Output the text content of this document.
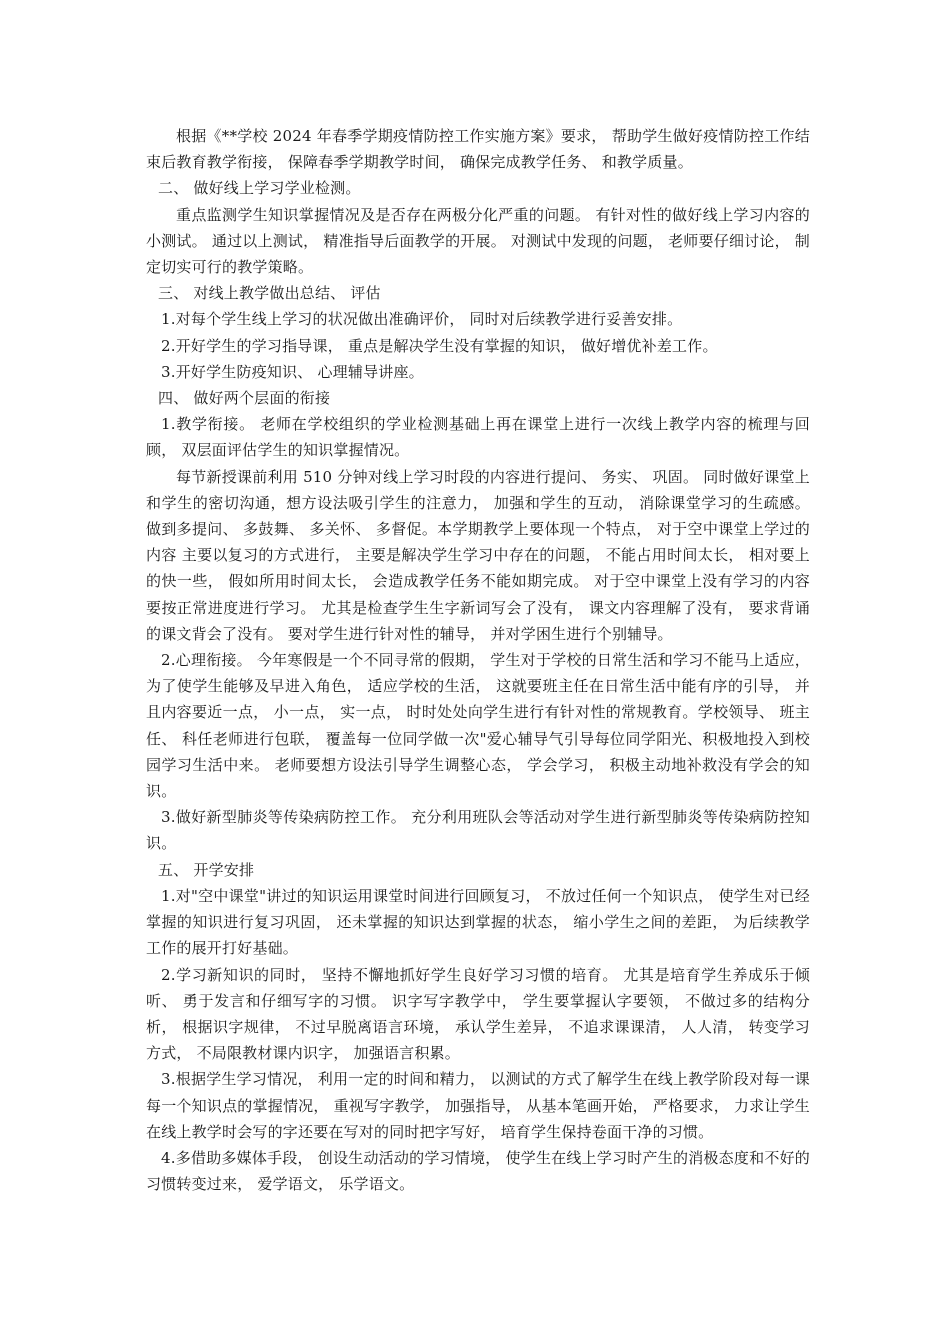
根据《**学校 2024 年春季学期疫情防控工作实施方案》要求， 帮助学生做好疫情防控工作结束后教育教学衔接， 保障春季学期教学时间， 确保完成教学任务、 和教学质量。

二、 做好线上学习学业检测。

重点监测学生知识掌握情况及是否存在两极分化严重的问题。 有针对性的做好线上学习内容的小测试。 通过以上测试， 精准指导后面教学的开展。 对测试中发现的问题， 老师要仔细讨论， 制定切实可行的教学策略。

三、 对线上教学做出总结、 评估

1.对每个学生线上学习的状况做出准确评价， 同时对后续教学进行妥善安排。

2.开好学生的学习指导课， 重点是解决学生没有掌握的知识， 做好增优补差工作。

3.开好学生防疫知识、 心理辅导讲座。

四、 做好两个层面的衔接

1.教学衔接。 老师在学校组织的学业检测基础上再在课堂上进行一次线上教学内容的梳理与回顾， 双层面评估学生的知识掌握情况。

每节新授课前利用 510 分钟对线上学习时段的内容进行提问、 务实、 巩固。 同时做好课堂上和学生的密切沟通，想方设法吸引学生的注意力， 加强和学生的互动， 消除课堂学习的生疏感。 做到多提问、 多鼓舞、 多关怀、 多督促。本学期教学上要体现一个特点， 对于空中课堂上学过的内容 主要以复习的方式进行， 主要是解决学生学习中存在的问题， 不能占用时间太长， 相对要上的快一些， 假如所用时间太长， 会造成教学任务不能如期完成。 对于空中课堂上没有学习的内容要按正常进度进行学习。 尤其是检查学生生字新词写会了没有， 课文内容理解了没有， 要求背诵的课文背会了没有。 要对学生进行针对性的辅导， 并对学困生进行个别辅导。

2.心理衔接。 今年寒假是一个不同寻常的假期， 学生对于学校的日常生活和学习不能马上适应， 为了使学生能够及早进入角色， 适应学校的生活， 这就要班主任在日常生活中能有序的引导， 并且内容要近一点， 小一点， 实一点， 时时处处向学生进行有针对性的常规教育。学校领导、 班主任、 科任老师进行包联， 覆盖每一位同学做一次"爱心辅导气引导每位同学阳光、积极地投入到校园学习生活中来。 老师要想方设法引导学生调整心态， 学会学习， 积极主动地补救没有学会的知识。

3.做好新型肺炎等传染病防控工作。 充分利用班队会等活动对学生进行新型肺炎等传染病防控知识。

五、 开学安排

1.对"空中课堂"讲过的知识运用课堂时间进行回顾复习， 不放过任何一个知识点， 使学生对已经掌握的知识进行复习巩固， 还未掌握的知识达到掌握的状态， 缩小学生之间的差距， 为后续教学工作的展开打好基础。

2.学习新知识的同时， 坚持不懈地抓好学生良好学习习惯的培育。 尤其是培育学生养成乐于倾听、 勇于发言和仔细写字的习惯。 识字写字教学中， 学生要掌握认字要领， 不做过多的结构分析， 根据识字规律， 不过早脱离语言环境， 承认学生差异， 不追求课课清， 人人清， 转变学习方式， 不局限教材课内识字， 加强语言积累。

3.根据学生学习情况， 利用一定的时间和精力， 以测试的方式了解学生在线上教学阶段对每一课每一个知识点的掌握情况， 重视写字教学， 加强指导， 从基本笔画开始， 严格要求， 力求让学生在线上教学时会写的字还要在写对的同时把字写好， 培育学生保持卷面干净的习惯。

4.多借助多媒体手段， 创设生动活动的学习情境， 使学生在线上学习时产生的消极态度和不好的习惯转变过来， 爱学语文， 乐学语文。
